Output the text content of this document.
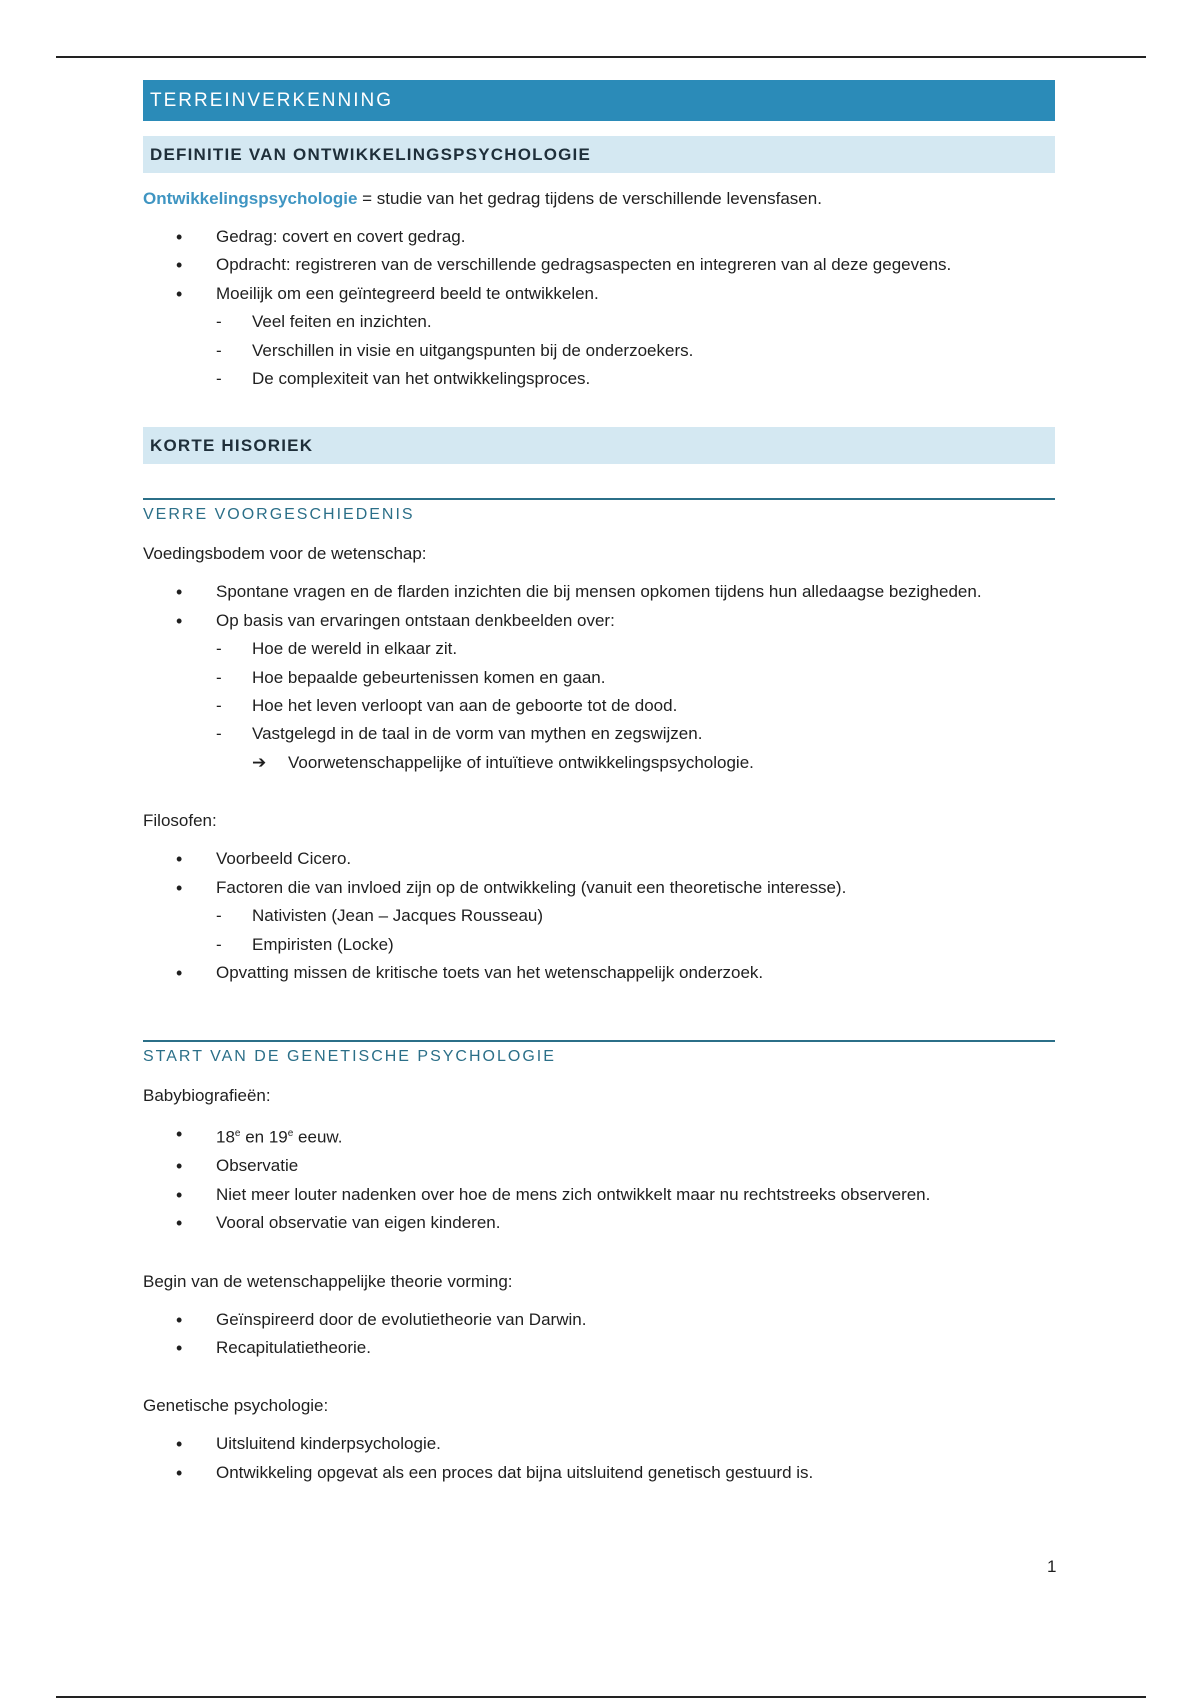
TERREINVERKENNING
DEFINITIE VAN ONTWIKKELINGSPSYCHOLOGIE

Ontwikkelingspsychologie = studie van het gedrag tijdens de verschillende levensfasen.

• Gedrag: covert en covert gedrag.
• Opdracht: registreren van de verschillende gedragsaspecten en integreren van al deze gegevens.
• Moeilijk om een geïntegreerd beeld te ontwikkelen.
- Veel feiten en inzichten.
- Verschillen in visie en uitgangspunten bij de onderzoekers.
- De complexiteit van het ontwikkelingsproces.
KORTE HISORIEK
VERRE VOORGESCHIEDENIS

Voedingsbodem voor de wetenschap:

• Spontane vragen en de flarden inzichten die bij mensen opkomen tijdens hun alledaagse bezigheden.
• Op basis van ervaringen ontstaan denkbeelden over:
- Hoe de wereld in elkaar zit.
- Hoe bepaalde gebeurtenissen komen en gaan.
- Hoe het leven verloopt van aan de geboorte tot de dood.
- Vastgelegd in de taal in de vorm van mythen en zegswijzen.
➔ Voorwetenschappelijke of intuïtieve ontwikkelingspsychologie.

Filosofen:

• Voorbeeld Cicero.
• Factoren die van invloed zijn op de ontwikkeling (vanuit een theoretische interesse).
- Nativisten (Jean – Jacques Rousseau)
- Empiristen (Locke)
• Opvatting missen de kritische toets van het wetenschappelijk onderzoek.
START VAN DE GENETISCHE PSYCHOLOGIE

Babybiografieën:

• 18e en 19e eeuw.
• Observatie
• Niet meer louter nadenken over hoe de mens zich ontwikkelt maar nu rechtstreeks observeren.
• Vooral observatie van eigen kinderen.

Begin van de wetenschappelijke theorie vorming:

• Geïnspireerd door de evolutietheorie van Darwin.
• Recapitulatietheorie.

Genetische psychologie:

• Uitsluitend kinderpsychologie.
• Ontwikkeling opgevat als een proces dat bijna uitsluitend genetisch gestuurd is.
1
